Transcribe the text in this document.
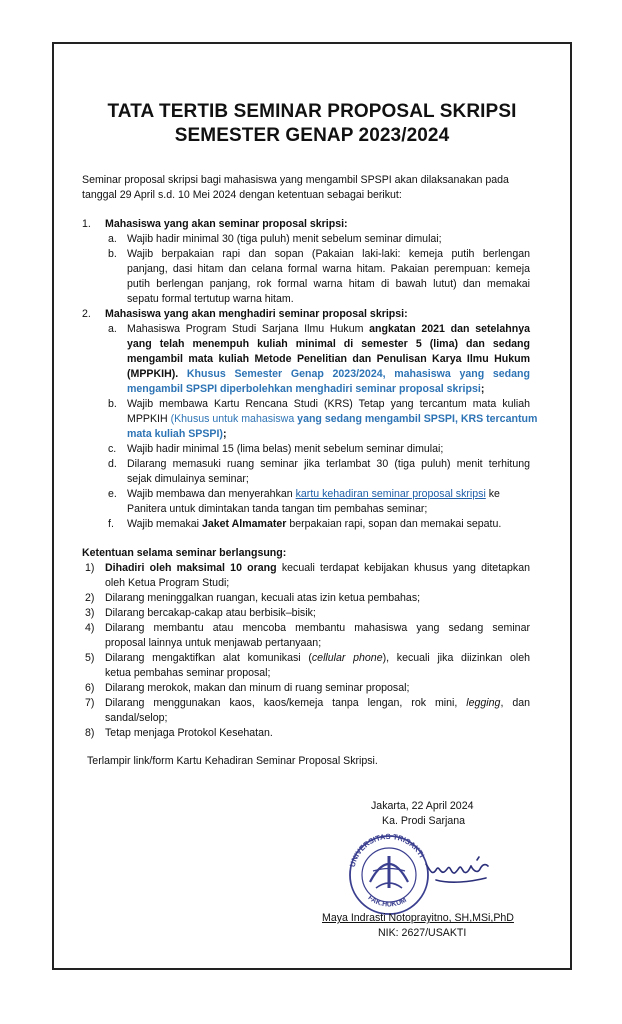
TATA TERTIB SEMINAR PROPOSAL SKRIPSI
SEMESTER GENAP 2023/2024
Seminar proposal skripsi bagi mahasiswa yang mengambil SPSPI akan dilaksanakan pada
tanggal 29 April s.d. 10 Mei 2024 dengan ketentuan sebagai berikut:
1. Mahasiswa yang akan seminar proposal skripsi:
a. Wajib hadir minimal 30 (tiga puluh) menit sebelum seminar dimulai;
b. Wajib berpakaian rapi dan sopan (Pakaian laki-laki: kemeja putih berlengan
panjang, dasi hitam dan celana formal warna hitam. Pakaian perempuan: kemeja
putih berlengan panjang, rok formal warna hitam di bawah lutut) dan memakai
sepatu formal tertutup warna hitam.
2. Mahasiswa yang akan menghadiri seminar proposal skripsi:
a. Mahasiswa Program Studi Sarjana Ilmu Hukum angkatan 2021 dan setelahnya
yang telah menempuh kuliah minimal di semester 5 (lima) dan sedang
mengambil mata kuliah Metode Penelitian dan Penulisan Karya Ilmu Hukum
(MPPKIH). Khusus Semester Genap 2023/2024, mahasiswa yang sedang
mengambil SPSPI diperbolehkan menghadiri seminar proposal skripsi;
b. Wajib membawa Kartu Rencana Studi (KRS) Tetap yang tercantum mata kuliah
MPPKIH (Khusus untuk mahasiswa yang sedang mengambil SPSPI, KRS tercantum
mata kuliah SPSPI);
c. Wajib hadir minimal 15 (lima belas) menit sebelum seminar dimulai;
d. Dilarang memasuki ruang seminar jika terlambat 30 (tiga puluh) menit terhitung
sejak dimulainya seminar;
e. Wajib membawa dan menyerahkan kartu kehadiran seminar proposal skripsi ke
Panitera untuk dimintakan tanda tangan tim pembahas seminar;
f. Wajib memakai Jaket Almamater berpakaian rapi, sopan dan memakai sepatu.
Ketentuan selama seminar berlangsung:
1) Dihadiri oleh maksimal 10 orang kecuali terdapat kebijakan khusus yang ditetapkan
oleh Ketua Program Studi;
2) Dilarang meninggalkan ruangan, kecuali atas izin ketua pembahas;
3) Dilarang bercakap-cakap atau berbisik–bisik;
4) Dilarang membantu atau mencoba membantu mahasiswa yang sedang seminar
proposal lainnya untuk menjawab pertanyaan;
5) Dilarang mengaktifkan alat komunikasi (cellular phone), kecuali jika diizinkan oleh
ketua pembahas seminar proposal;
6) Dilarang merokok, makan dan minum di ruang seminar proposal;
7) Dilarang menggunakan kaos, kaos/kemeja tanpa lengan, rok mini, legging, dan
sandal/selop;
8) Tetap menjaga Protokol Kesehatan.
Terlampir link/form Kartu Kehadiran Seminar Proposal Skripsi.
Jakarta, 22 April 2024
Ka. Prodi Sarjana
UNIVERSITAS TRISAKTI
FAK.HUKUM
Maya Indrasti Notoprayitno, SH,MSi,PhD
NIK: 2627/USAKTI
